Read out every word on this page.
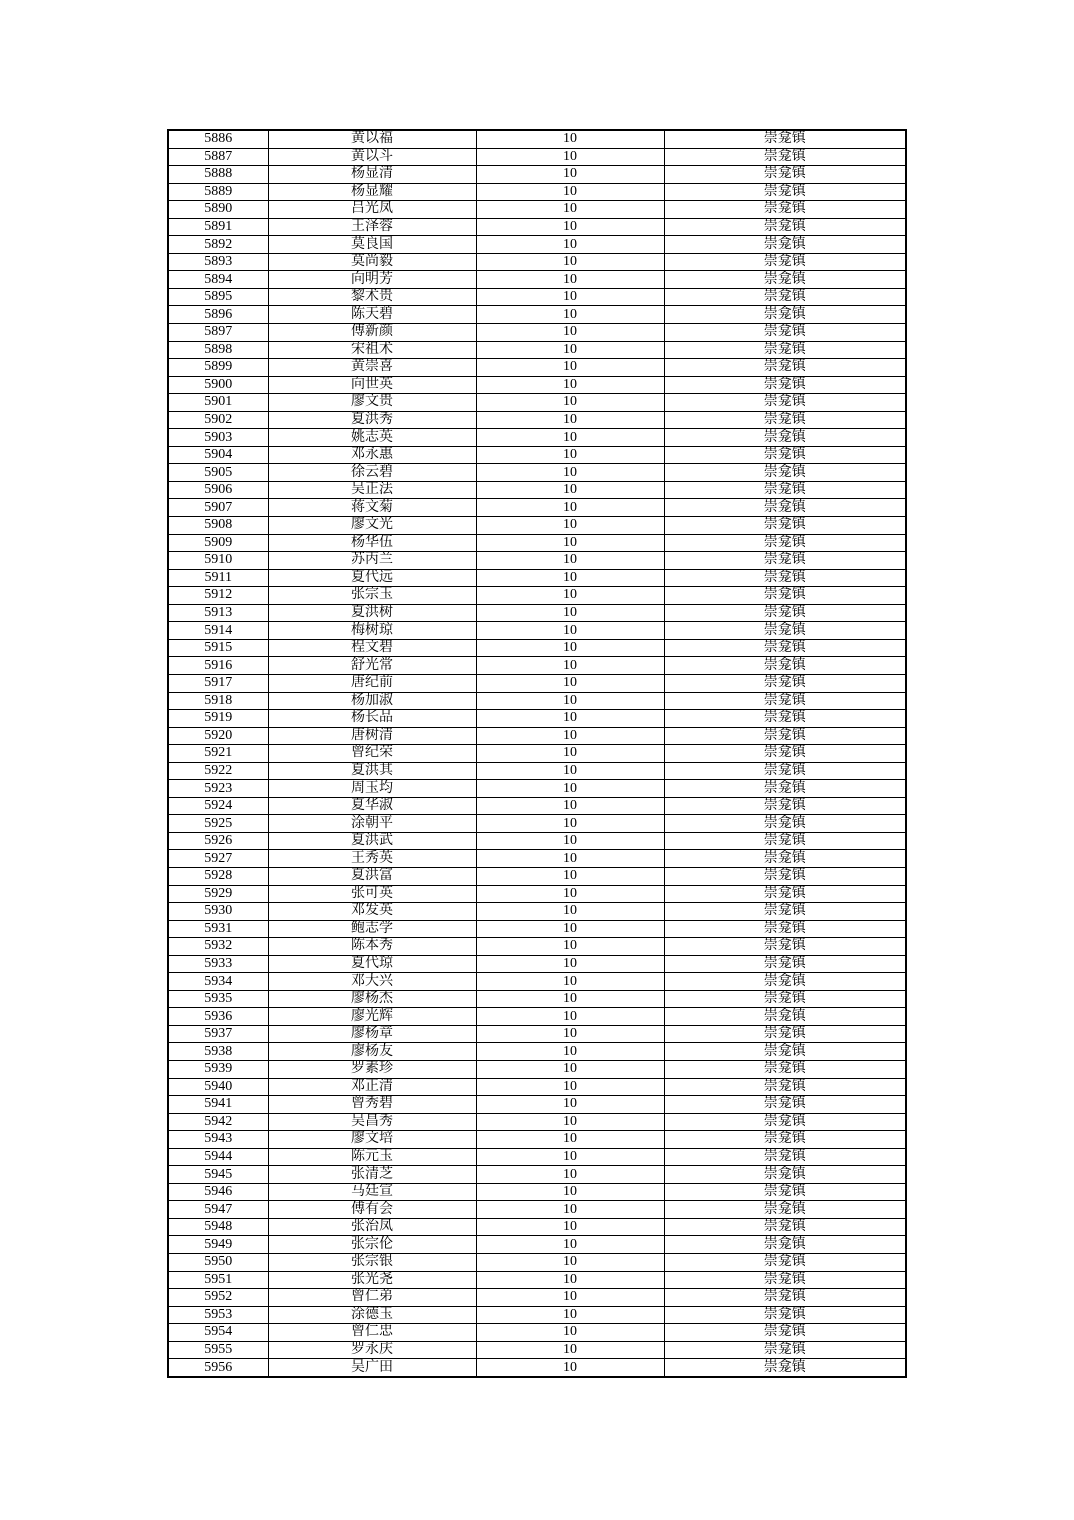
5886	黄以福	10	崇龛镇
5887	黄以斗	10	崇龛镇
5888	杨显清	10	崇龛镇
5889	杨显耀	10	崇龛镇
5890	吕光凤	10	崇龛镇
5891	王泽蓉	10	崇龛镇
5892	莫良国	10	崇龛镇
5893	莫尚毅	10	崇龛镇
5894	向明芳	10	崇龛镇
5895	黎术贵	10	崇龛镇
5896	陈天碧	10	崇龛镇
5897	傅新颜	10	崇龛镇
5898	宋祖术	10	崇龛镇
5899	黄崇喜	10	崇龛镇
5900	向世英	10	崇龛镇
5901	廖文贵	10	崇龛镇
5902	夏洪秀	10	崇龛镇
5903	姚志英	10	崇龛镇
5904	邓永惠	10	崇龛镇
5905	徐云碧	10	崇龛镇
5906	吴正法	10	崇龛镇
5907	蒋文菊	10	崇龛镇
5908	廖文光	10	崇龛镇
5909	杨华伍	10	崇龛镇
5910	苏丙兰	10	崇龛镇
5911	夏代远	10	崇龛镇
5912	张宗玉	10	崇龛镇
5913	夏洪树	10	崇龛镇
5914	梅树琼	10	崇龛镇
5915	程文碧	10	崇龛镇
5916	舒光常	10	崇龛镇
5917	唐纪前	10	崇龛镇
5918	杨加淑	10	崇龛镇
5919	杨长品	10	崇龛镇
5920	唐树清	10	崇龛镇
5921	曾纪荣	10	崇龛镇
5922	夏洪其	10	崇龛镇
5923	周玉均	10	崇龛镇
5924	夏华淑	10	崇龛镇
5925	涂朝平	10	崇龛镇
5926	夏洪武	10	崇龛镇
5927	王秀英	10	崇龛镇
5928	夏洪富	10	崇龛镇
5929	张可英	10	崇龛镇
5930	邓发英	10	崇龛镇
5931	鲍志学	10	崇龛镇
5932	陈本秀	10	崇龛镇
5933	夏代琼	10	崇龛镇
5934	邓大兴	10	崇龛镇
5935	廖杨杰	10	崇龛镇
5936	廖光辉	10	崇龛镇
5937	廖杨章	10	崇龛镇
5938	廖杨友	10	崇龛镇
5939	罗素珍	10	崇龛镇
5940	邓正清	10	崇龛镇
5941	曾秀碧	10	崇龛镇
5942	吴昌秀	10	崇龛镇
5943	廖文培	10	崇龛镇
5944	陈元玉	10	崇龛镇
5945	张清芝	10	崇龛镇
5946	马廷宣	10	崇龛镇
5947	傅有会	10	崇龛镇
5948	张治凤	10	崇龛镇
5949	张宗伦	10	崇龛镇
5950	张宗银	10	崇龛镇
5951	张光尧	10	崇龛镇
5952	曾仁弟	10	崇龛镇
5953	涂德玉	10	崇龛镇
5954	曾仁忠	10	崇龛镇
5955	罗永庆	10	崇龛镇
5956	吴广田	10	崇龛镇
